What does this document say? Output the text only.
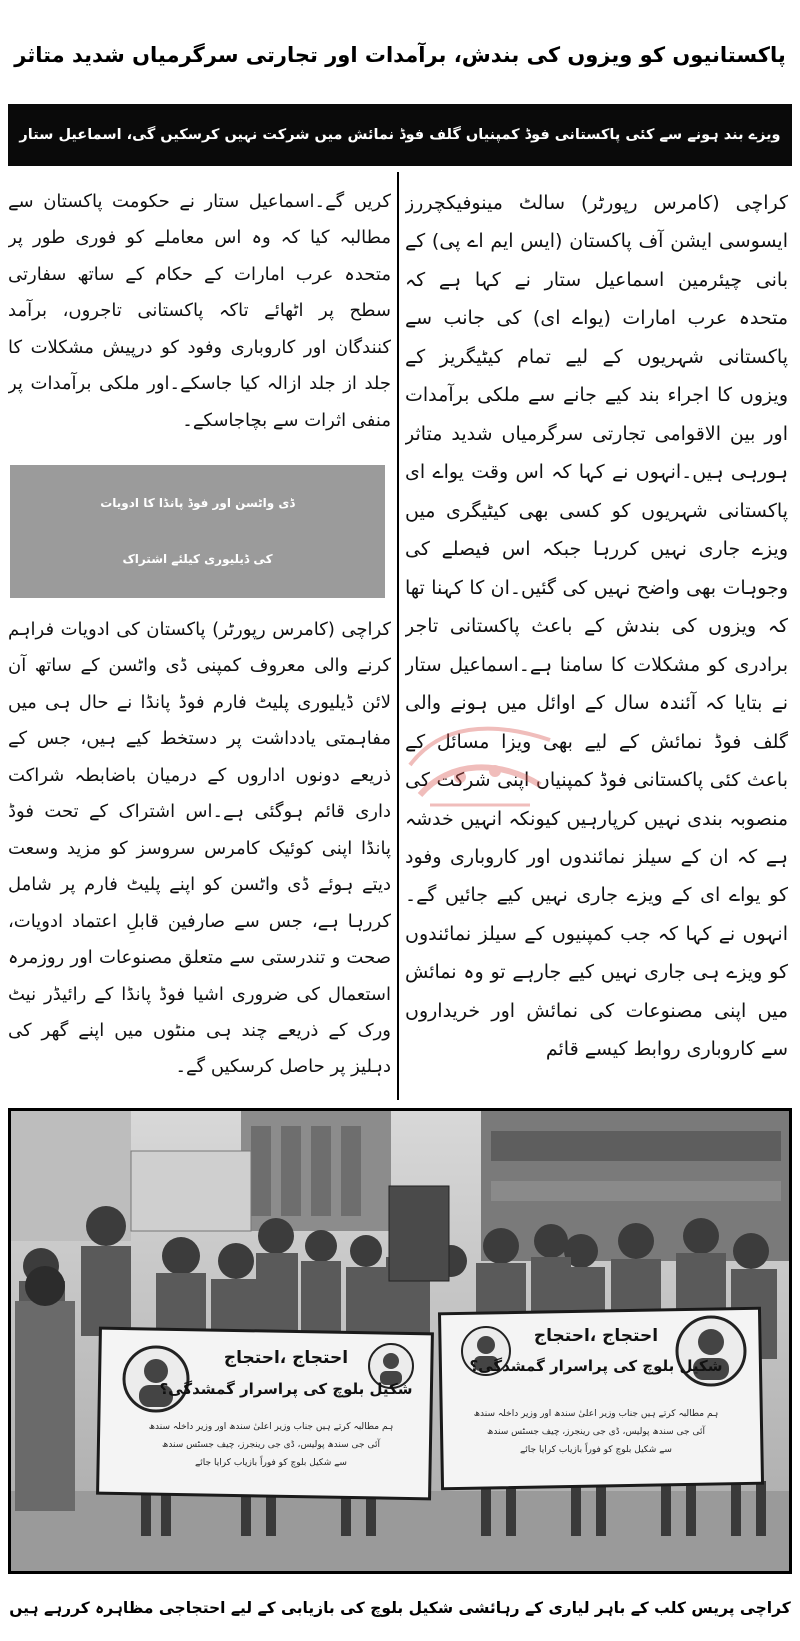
پاکستانیوں کو ویزوں کی بندش، برآمدات اور تجارتی سرگرمیاں شدید متاثر
ویزے بند ہونے سے کئی پاکستانی فوڈ کمپنیاں گلف فوڈ نمائش میں شرکت نہیں کرسکیں گی، اسماعیل ستار

کراچی (کامرس رپورٹر) سالٹ مینوفیکچررز ایسوسی ایشن آف پاکستان (ایس ایم اے پی) کے بانی چیئرمین اسماعیل ستار نے کہا ہے کہ متحدہ عرب امارات (یواے ای) کی جانب سے پاکستانی شہریوں کے لیے تمام کیٹیگریز کے ویزوں کا اجراء بند کیے جانے سے ملکی برآمدات اور بین الاقوامی تجارتی سرگرمیاں شدید متاثر ہورہی ہیں۔انہوں نے کہا کہ اس وقت یواے ای پاکستانی شہریوں کو کسی بھی کیٹیگری میں ویزے جاری نہیں کررہا جبکہ اس فیصلے کی وجوہات بھی واضح نہیں کی گئیں۔ان کا کہنا تھا کہ ویزوں کی بندش کے باعث پاکستانی تاجر برادری کو مشکلات کا سامنا ہے۔اسماعیل ستار نے بتایا کہ آئندہ سال کے اوائل میں ہونے والی گلف فوڈ نمائش کے لیے بھی ویزا مسائل کے باعث کئی پاکستانی فوڈ کمپنیاں اپنی شرکت کی منصوبہ بندی نہیں کرپارہیں کیونکہ انہیں خدشہ ہے کہ ان کے سیلز نمائندوں اور کاروباری وفود کو یواے ای کے ویزے جاری نہیں کیے جائیں گے۔انہوں نے کہا کہ جب کمپنیوں کے سیلز نمائندوں کو ویزے ہی جاری نہیں کیے جارہے تو وہ نمائش میں اپنی مصنوعات کی نمائش اور خریداروں سے کاروباری روابط کیسے قائم

کریں گے۔اسماعیل ستار نے حکومت پاکستان سے مطالبہ کیا کہ وہ اس معاملے کو فوری طور پر متحدہ عرب امارات کے حکام کے ساتھ سفارتی سطح پر اٹھائے تاکہ پاکستانی تاجروں، برآمد کنندگان اور کاروباری وفود کو درپیش مشکلات کا جلد از جلد ازالہ کیا جاسکے۔اور ملکی برآمدات پر منفی اثرات سے بچاجاسکے۔

ڈی واٹسن اور فوڈ پانڈا کا ادویات
کی ڈیلیوری کیلئے اشتراک

کراچی (کامرس رپورٹر) پاکستان کی ادویات فراہم کرنے والی معروف کمپنی ڈی واٹسن کے ساتھ آن لائن ڈیلیوری پلیٹ فارم فوڈ پانڈا نے حال ہی میں مفاہمتی یادداشت پر دستخط کیے ہیں، جس کے ذریعے دونوں اداروں کے درمیان باضابطہ شراکت داری قائم ہوگئی ہے۔اس اشتراک کے تحت فوڈ پانڈا اپنی کوئیک کامرس سروسز کو مزید وسعت دیتے ہوئے ڈی واٹسن کو اپنے پلیٹ فارم پر شامل کررہا ہے، جس سے صارفین قابلِ اعتماد ادویات، صحت و تندرستی سے متعلق مصنوعات اور روزمرہ استعمال کی ضروری اشیا فوڈ پانڈا کے رائیڈر نیٹ ورک کے ذریعے چند ہی منٹوں میں اپنے گھر کی دہلیز پر حاصل کرسکیں گے۔

احتجاج ،احتجاج
شکیل بلوچ کی پراسرار گمشدگی؟
ہم مطالبہ کرتے ہیں جناب وزیر اعلیٰ سندھ اور وزیر داخلہ سندھ
آئی جی سندھ پولیس، ڈی جی رینجرز، چیف جسٹس سندھ
سے شکیل بلوچ کو فوراً بازیاب کرایا جائے
احتجاج ،احتجاج
شکیل بلوچ کی پراسرار گمشدگی؟
ہم مطالبہ کرتے ہیں جناب وزیر اعلیٰ سندھ اور وزیر داخلہ سندھ
آئی جی سندھ پولیس، ڈی جی رینجرز، چیف جسٹس سندھ
سے شکیل بلوچ کو فوراً بازیاب کرایا جائے
کراچی پریس کلب کے باہر لیاری کے رہائشی شکیل بلوچ کی بازیابی کے لیے احتجاجی مظاہرہ کررہے ہیں
